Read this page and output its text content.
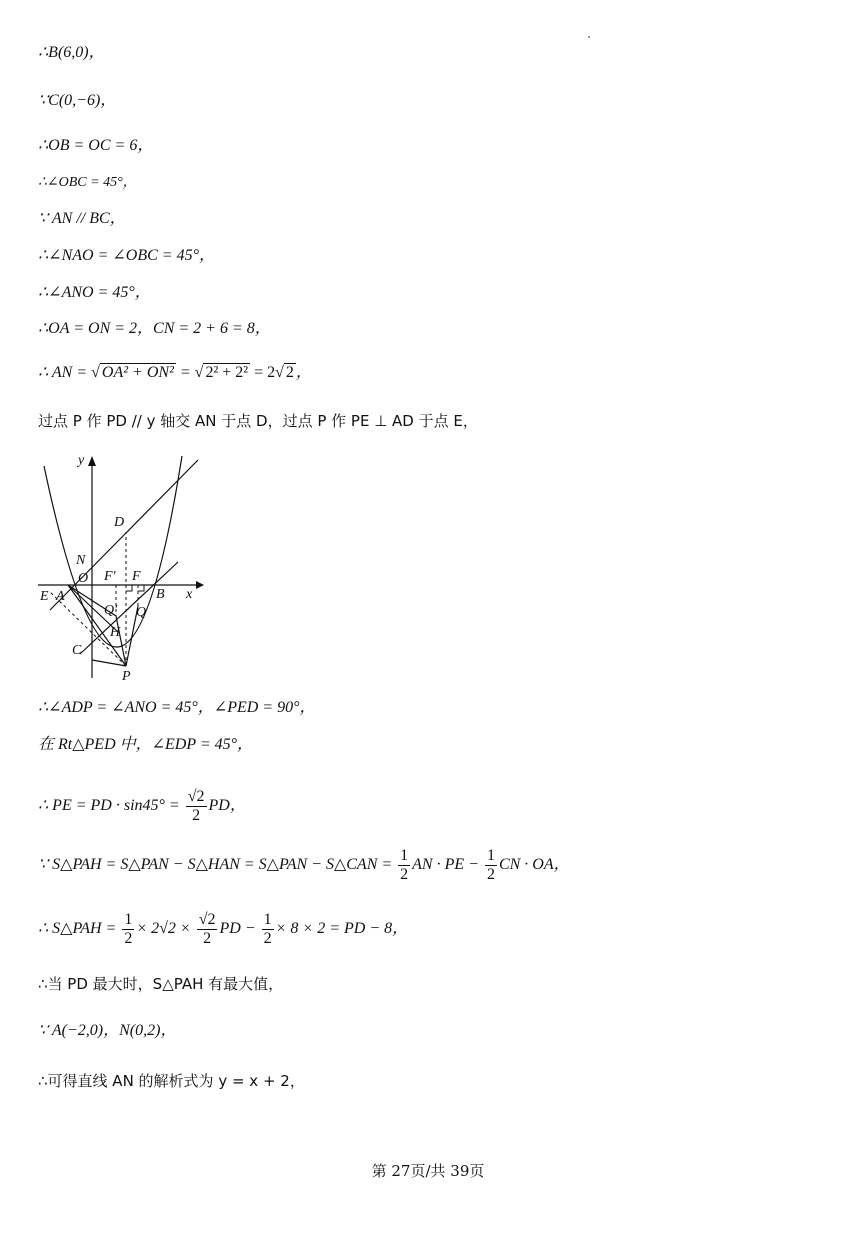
∴B(6,0)，
∵C(0,−6)，
∴OB = OC = 6，
∴∠OBC = 45°，
∵ AN // BC，
∴∠NAO = ∠OBC = 45°，
∴∠ANO = 45°，
∴OA = ON = 2，CN = 2 + 6 = 8，
∴ AN = √ OA² + ON² = √ 2² + 2² = 2√ 2 ，
过点 P 作 PD // y 轴交 AN 于点 D，过点 P 作 PE ⊥ AD 于点 E，
y
x
D
N
O F′ F
E A
Q′ Q
B
H
C
P
∴∠ADP = ∠ANO = 45°，∠PED = 90°，
在 Rt△PED 中，∠EDP = 45°，
∴ PE = PD · $\sin 45^\circ = \frac{√2}{2}$ PD，
∵ S△PAH = S△PAN − S△HAN = S△PAN − S△CAN = $\frac{1}{2}$ AN · PE − $\frac{1}{2}$ CN · OA，
∴ S△PAH = $\frac{1}{2} \times 2√2 \times \frac{√2}{2}$ PD − $\frac{1}{2} \times 8 \times 2$ = PD − 8，
∴当 PD 最大时，S△PAH 有最大值，
∵ A(−2,0)，N(0,2)，
∴可得直线 AN 的解析式为 y = x + 2，
第 27页/共 39页
